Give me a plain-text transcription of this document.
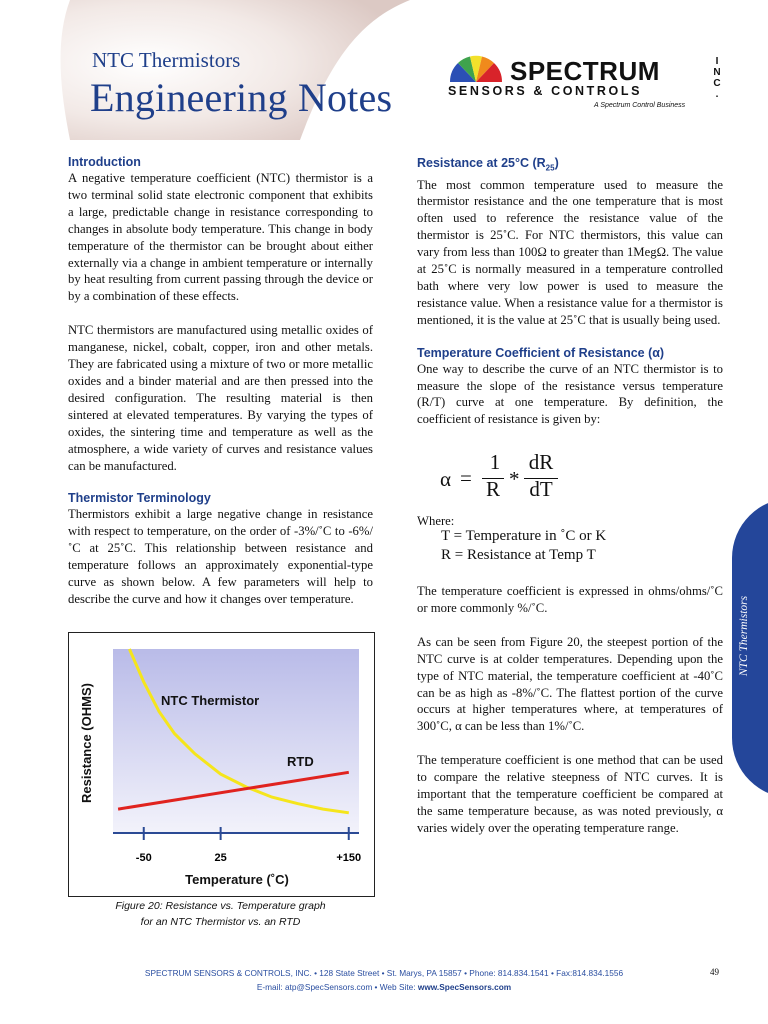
NTC Thermistors
Engineering Notes
SPECTRUM	I
N
C
.
SENSORS & CONTROLS
A Spectrum Control Business
Introduction

A negative temperature coefficient (NTC) thermistor is a two terminal solid state electronic component that exhibits a large, predictable change in resistance corresponding to changes in absolute body temperature. This change in body temperature of the thermistor can be brought about either externally via a change in ambient temperature or internally by heat resulting from current passing through the device or by a combination of these effects.

NTC thermistors are manufactured using metallic oxides of manganese, nickel, cobalt, copper, iron and other metals. They are fabricated using a mixture of two or more metallic oxides and a binder material and are then pressed into the desired configuration. The resulting material is then sintered at elevated temperatures. By varying the types of oxides, the sintering time and temperature as well as the atmosphere, a wide variety of curves and resistance values can be manufactured.

Thermistor Terminology

Thermistors exhibit a large negative change in resistance with respect to temperature, on the order of -3%/˚C to -6%/˚C at 25˚C. This relationship between resistance and temperature follows an approximately exponential-type curve as shown below. A few parameters will help to describe the curve and how it changes over temperature.

-50	25	+150
NTC Thermistor
RTD
Temperature (˚C)
Resistance (OHMS)
Figure 20: Resistance vs. Temperature graph
for an NTC Thermistor vs. an RTD
Resistance at 25°C $(R_{25})$

The most common temperature used to measure the thermistor resistance and the one temperature that is most often used to reference the resistance value of the thermistor is 25˚C. For NTC thermistors, this value can vary from less than 100Ω to greater than 1MegΩ. The value at 25˚C is normally measured in a temperature controlled bath where very low power is used to measure the resistance value. When a resistance value for a thermistor is mentioned, it is the value at 25˚C that is usually being used.

Temperature Coefficient of Resistance (α)

One way to describe the curve of an NTC thermistor is to measure the slope of the resistance versus temperature (R/T) curve at one temperature. By definition, the coefficient of resistance is given by:

α =
1
R *
dR
dT
Where:
T = Temperature in ˚C or K
R = Resistance at Temp T

The temperature coefficient is expressed in ohms/ohms/˚C or more commonly %/˚C.

As can be seen from Figure 20, the steepest portion of the NTC curve is at colder temperatures. Depending upon the type of NTC material, the temperature coefficient at -40˚C can be as high as -8%/˚C. The flattest portion of the curve occurs at higher temperatures where, at temperatures of 300˚C, α can be less than 1%/˚C.

The temperature coefficient is one method that can be used to compare the relative steepness of NTC curves. It is important that the temperature coefficient be compared at the same temperature because, as was noted previously, α varies widely over the operating temperature range.

NTC Thermistors
SPECTRUM SENSORS & CONTROLS, INC. • 128 State Street • St. Marys, PA 15857 • Phone: 814.834.1541 • Fax:814.834.1556
E-mail: atp@SpecSensors.com • Web Site: www.SpecSensors.com
49
